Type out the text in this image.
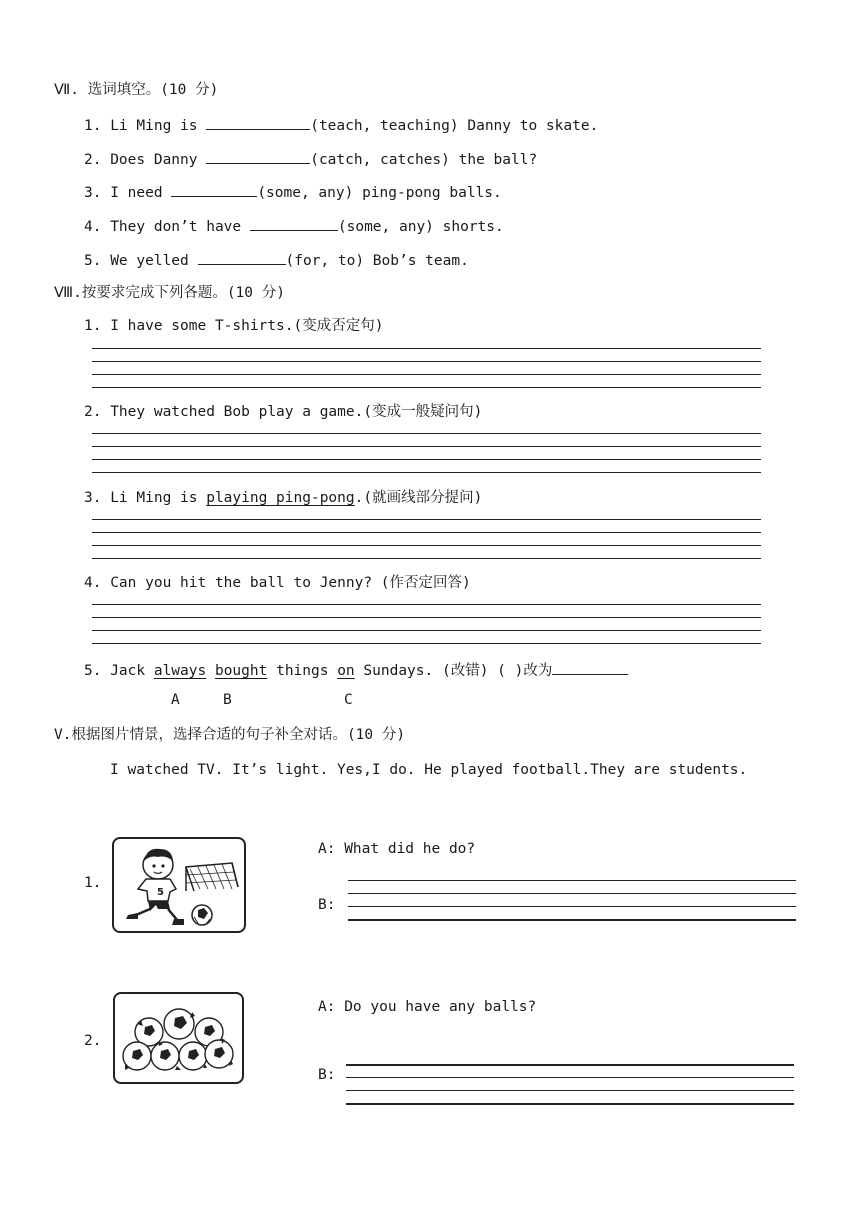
Ⅶ. 选词填空。(10 分)
1. Li Ming is	(teach, teaching) Danny to skate.
2. Does Danny	(catch, catches) the ball?
3. I need	(some, any) ping-pong balls.
4. They don’t have	(some, any) shorts.
5. We yelled	(for, to) Bob’s team.
Ⅷ.按要求完成下列各题。(10 分)
1. I have some T-shirts.(变成否定句)
2. They watched Bob play a game.(变成一般疑问句)
3. Li Ming is playing ping-pong.(就画线部分提问)
4. Can you hit the ball to Jenny? (作否定回答)
5. Jack always bought things on Sundays. (改错) ( )改为
A	B	C
V.根据图片情景，选择合适的句子补全对话。(10 分)
I watched TV. It’s light. Yes,I do. He played football.They are students.
1.
5
A: What did he do?
B:
2.
A: Do you have any balls?
B:
